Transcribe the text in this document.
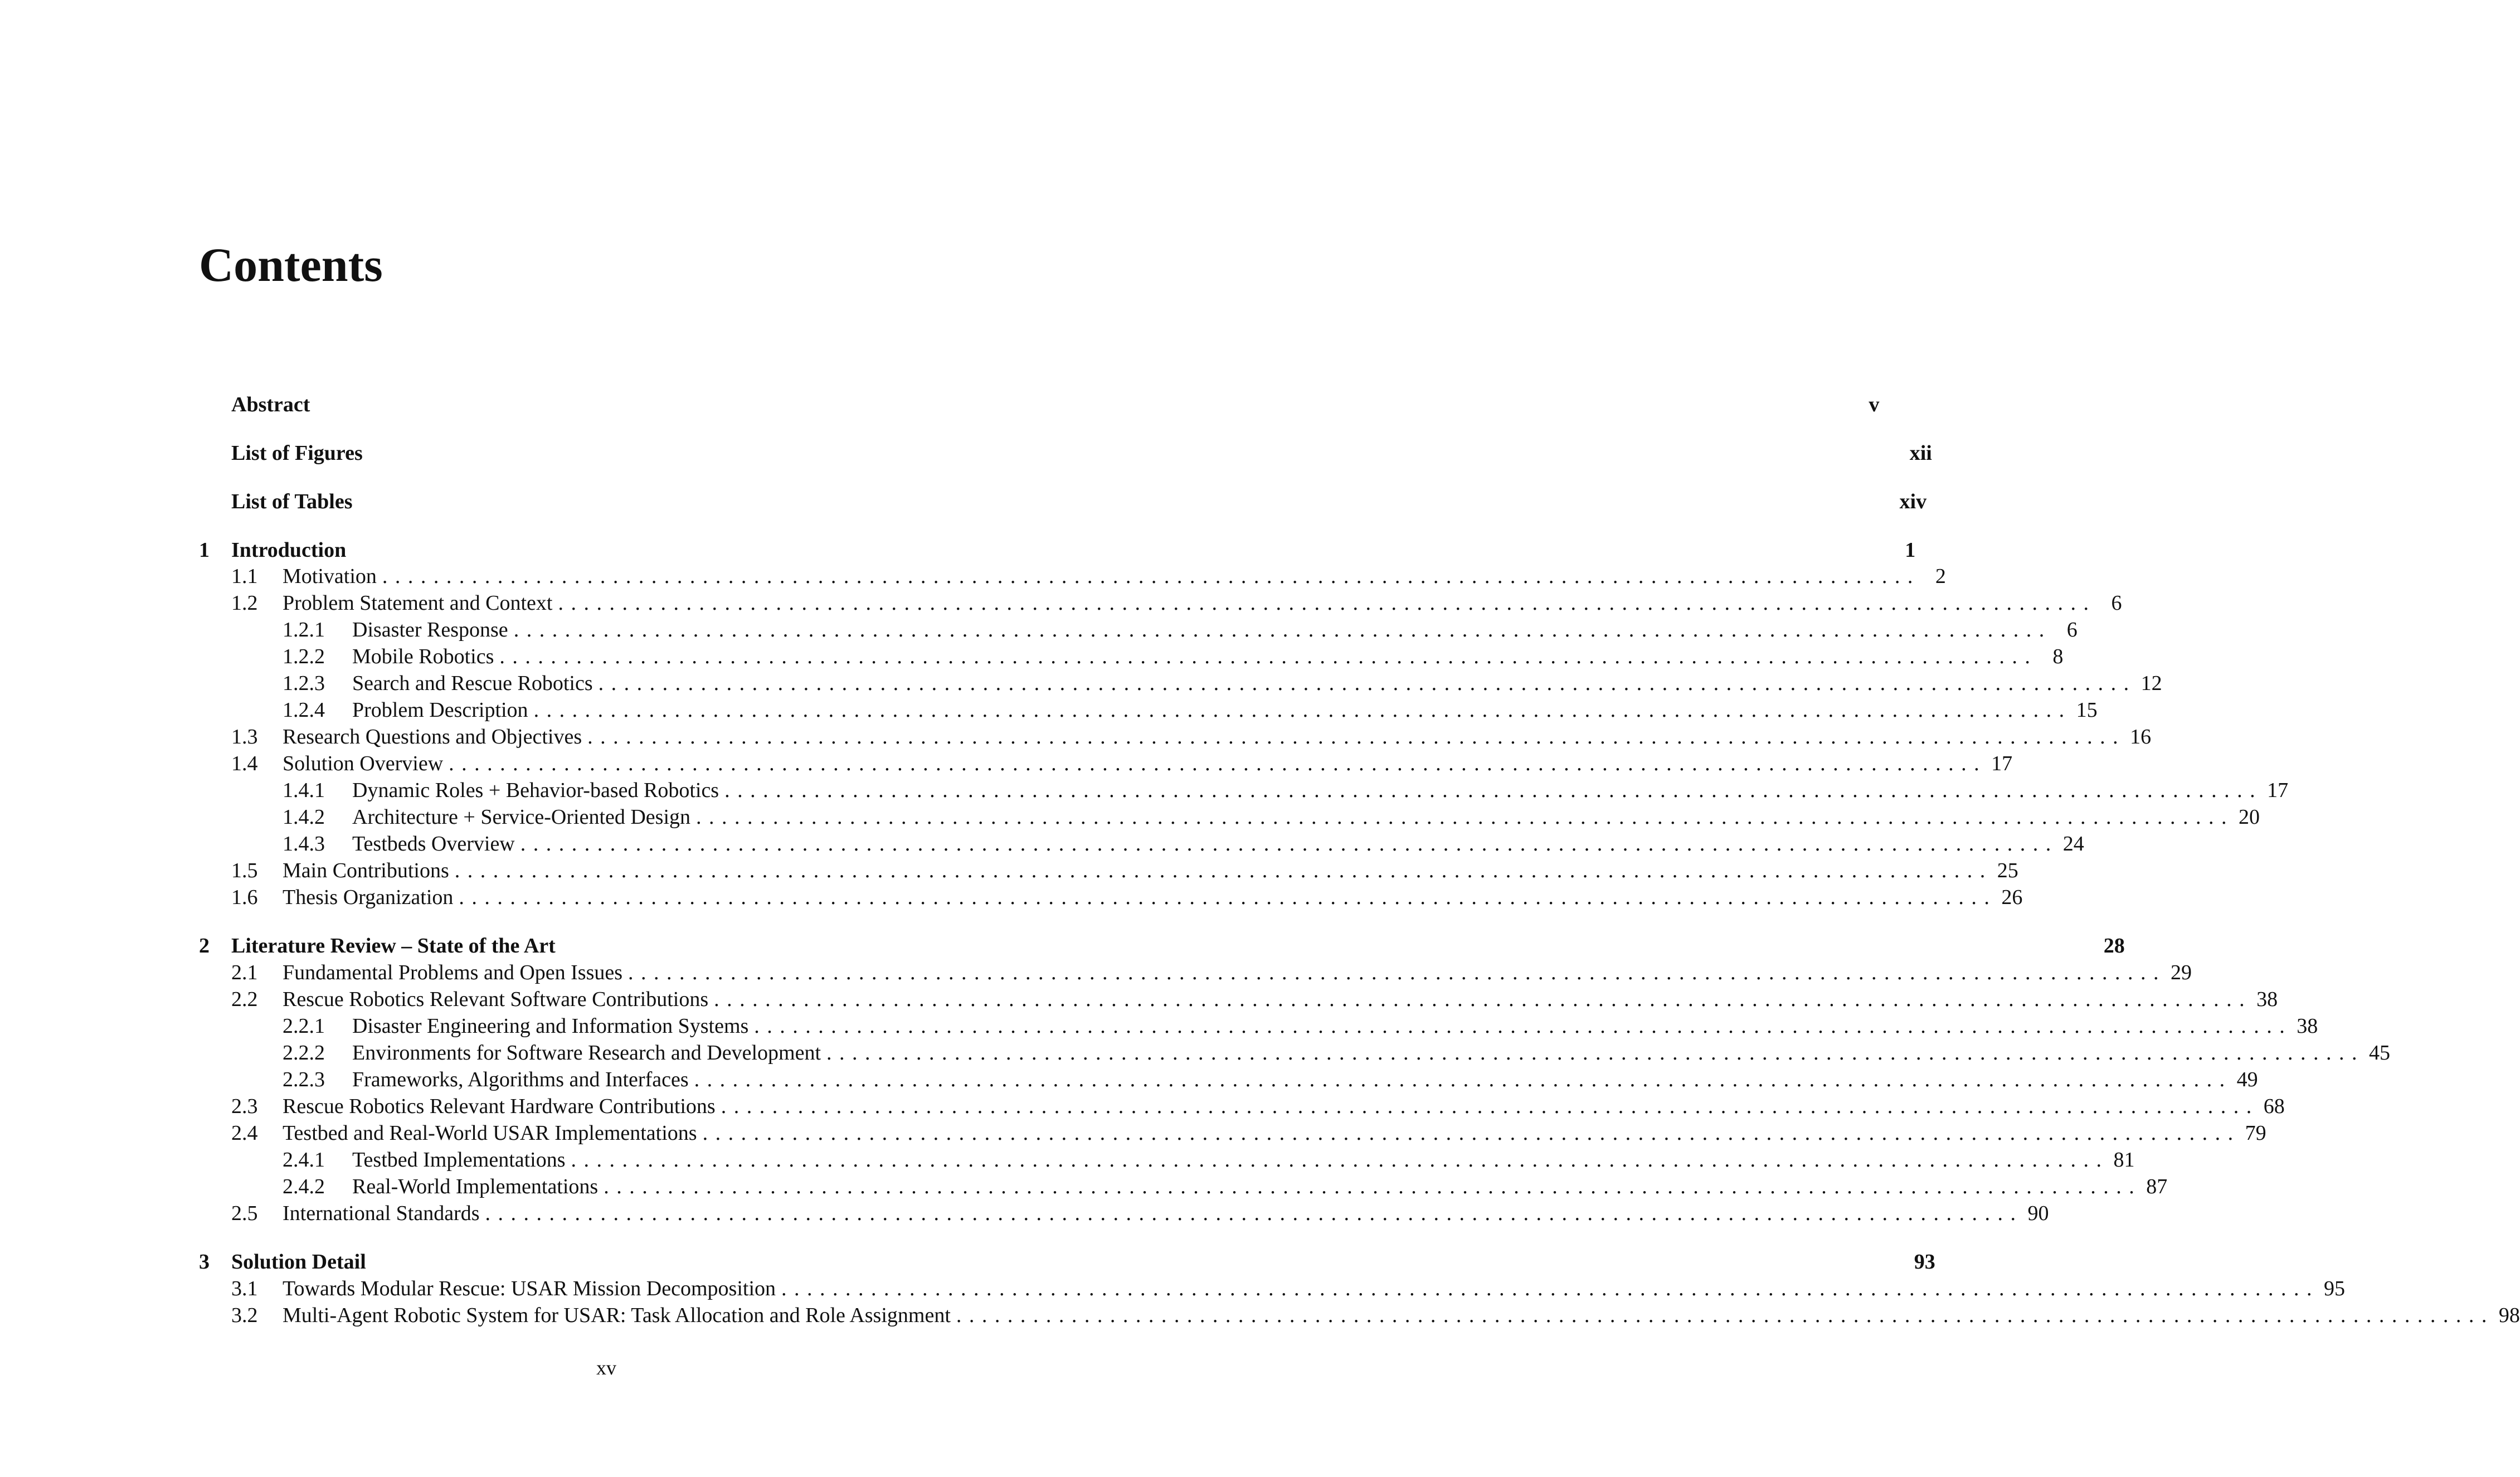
Contents
Abstract	v
List of Figures	xii
List of Tables	xiv
1	Introduction	1
1.1	Motivation ........................................................................................................................ 2
1.2	Problem Statement and Context ........................................................................................................................ 6
1.2.1	Disaster Response ........................................................................................................................ 6
1.2.2	Mobile Robotics ........................................................................................................................ 8
1.2.3	Search and Rescue Robotics ........................................................................................................................ 12
1.2.4	Problem Description ........................................................................................................................ 15
1.3	Research Questions and Objectives ........................................................................................................................ 16
1.4	Solution Overview ........................................................................................................................ 17
1.4.1	Dynamic Roles + Behavior-based Robotics ........................................................................................................................ 17
1.4.2	Architecture + Service-Oriented Design ........................................................................................................................ 20
1.4.3	Testbeds Overview ........................................................................................................................ 24
1.5	Main Contributions ........................................................................................................................ 25
1.6	Thesis Organization ........................................................................................................................ 26
2	Literature Review – State of the Art	28
2.1	Fundamental Problems and Open Issues ........................................................................................................................ 29
2.2	Rescue Robotics Relevant Software Contributions ........................................................................................................................ 38
2.2.1	Disaster Engineering and Information Systems ........................................................................................................................ 38
2.2.2	Environments for Software Research and Development ........................................................................................................................ 45
2.2.3	Frameworks, Algorithms and Interfaces ........................................................................................................................ 49
2.3	Rescue Robotics Relevant Hardware Contributions ........................................................................................................................ 68
2.4	Testbed and Real-World USAR Implementations ........................................................................................................................ 79
2.4.1	Testbed Implementations ........................................................................................................................ 81
2.4.2	Real-World Implementations ........................................................................................................................ 87
2.5	International Standards ........................................................................................................................ 90
3	Solution Detail	93
3.1	Towards Modular Rescue: USAR Mission Decomposition ........................................................................................................................ 95
3.2	Multi-Agent Robotic System for USAR: Task Allocation and Role Assignment ........................................................................................................................ 98
xv
